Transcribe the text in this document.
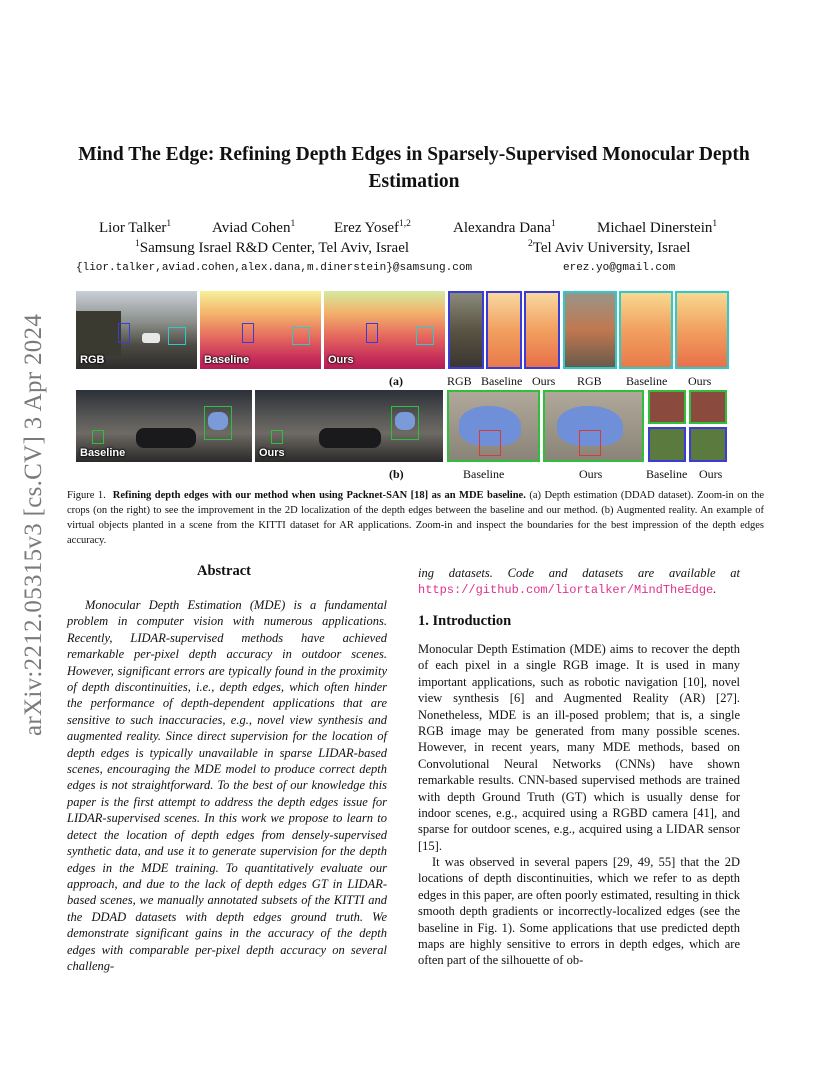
arXiv:2212.05315v3 [cs.CV] 3 Apr 2024
Mind The Edge: Refining Depth Edges in Sparsely-Supervised Monocular Depth Estimation
Lior Talker$^1$	Aviad Cohen$^1$	Erez Yosef$^{1,2}$	Alexandra Dana$^1$	Michael Dinerstein$^1$
$^1$Samsung Israel R&D Center, Tel Aviv, Israel	$^2$Tel Aviv University, Israel
{lior.talker,aviad.cohen,alex.dana,m.dinerstein}@samsung.com	erez.yo@gmail.com
RGB	Baseline	Ours
(a)	RGB Baseline Ours RGB Baseline Ours
Baseline	Ours
(b)	Baseline	Ours	Baseline Ours
Figure 1. Refining depth edges with our method when using Packnet-SAN [18] as an MDE baseline. (a) Depth estimation (DDAD dataset). Zoom-in on the crops (on the right) to see the improvement in the 2D localization of the depth edges between the baseline and our method. (b) Augmented reality. An example of virtual objects planted in a scene from the KITTI dataset for AR applications. Zoom-in and inspect the boundaries for the best impression of the depth edges accuracy.
Abstract
Monocular Depth Estimation (MDE) is a fundamental problem in computer vision with numerous applications. Recently, LIDAR-supervised methods have achieved remarkable per-pixel depth accuracy in outdoor scenes. However, significant errors are typically found in the proximity of depth discontinuities, i.e., depth edges, which often hinder the performance of depth-dependent applications that are sensitive to such inaccuracies, e.g., novel view synthesis and augmented reality. Since direct supervision for the location of depth edges is typically unavailable in sparse LIDAR-based scenes, encouraging the MDE model to produce correct depth edges is not straightforward. To the best of our knowledge this paper is the first attempt to address the depth edges issue for LIDAR-supervised scenes. In this work we propose to learn to detect the location of depth edges from densely-supervised synthetic data, and use it to generate supervision for the depth edges in the MDE training. To quantitatively evaluate our approach, and due to the lack of depth edges GT in LIDAR-based scenes, we manually annotated subsets of the KITTI and the DDAD datasets with depth edges ground truth. We demonstrate significant gains in the accuracy of the depth edges with comparable per-pixel depth accuracy on several challeng-
ing datasets. Code and datasets are available at https://github.com/liortalker/MindTheEdge.
1. Introduction
Monocular Depth Estimation (MDE) aims to recover the depth of each pixel in a single RGB image. It is used in many important applications, such as robotic navigation [10], novel view synthesis [6] and Augmented Reality (AR) [27]. Nonetheless, MDE is an ill-posed problem; that is, a single RGB image may be generated from many possible scenes. However, in recent years, many MDE methods, based on Convolutional Neural Networks (CNNs) have shown remarkable results. CNN-based supervised methods are trained with depth Ground Truth (GT) which is usually dense for indoor scenes, e.g., acquired using a RGBD camera [41], and sparse for outdoor scenes, e.g., acquired using a LIDAR sensor [15].
It was observed in several papers [29, 49, 55] that the 2D locations of depth discontinuities, which we refer to as depth edges in this paper, are often poorly estimated, resulting in thick smooth depth gradients or incorrectly-localized edges (see the baseline in Fig. 1). Some applications that use predicted depth maps are highly sensitive to errors in depth edges, which are often part of the silhouette of ob-
